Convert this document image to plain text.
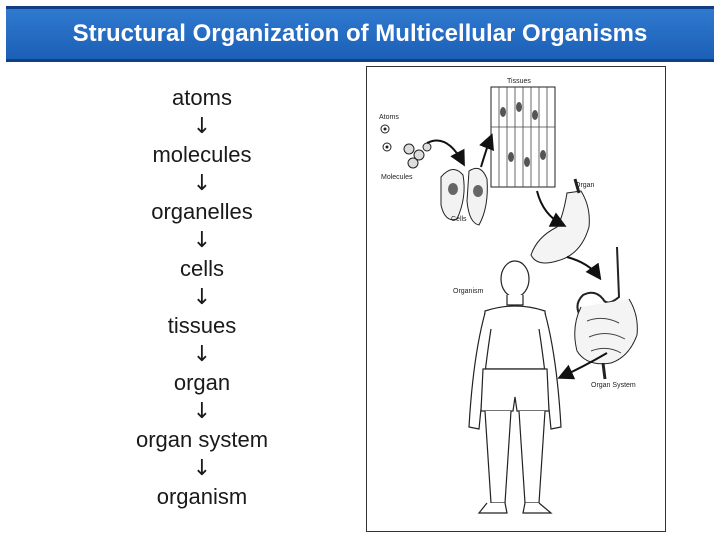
Structural Organization of Multicellular Organisms
atoms
↓
molecules
↓
organelles
↓
cells
↓
tissues
↓
organ
↓
organ system
↓
organism
Tissues
Atoms
Molecules
Cells
Organ
Organ System
Organism
